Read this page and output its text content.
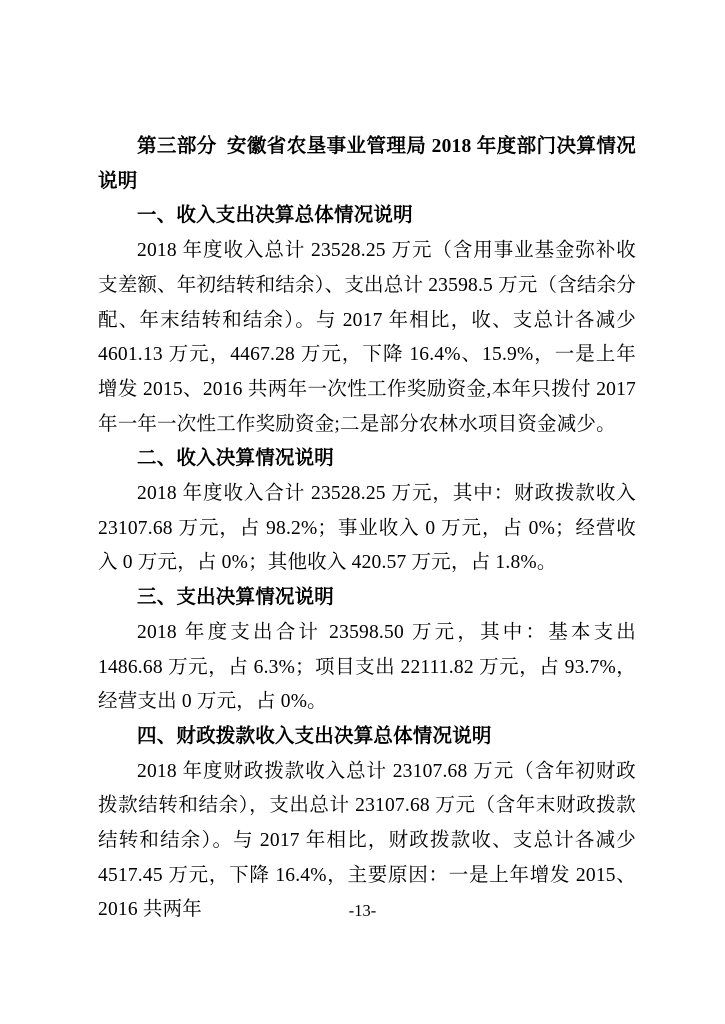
第三部分 安徽省农垦事业管理局 2018 年度部门决算情况说明

一、收入支出决算总体情况说明

2018 年度收入总计 23528.25 万元（含用事业基金弥补收支差额、年初结转和结余）、支出总计 23598.5 万元（含结余分配、年末结转和结余）。与 2017 年相比，收、支总计各减少 4601.13 万元，4467.28 万元，下降 16.4%、15.9%，一是上年增发 2015、2016 共两年一次性工作奖励资金,本年只拨付 2017 年一年一次性工作奖励资金;二是部分农林水项目资金减少。

二、收入决算情况说明

2018 年度收入合计 23528.25 万元，其中：财政拨款收入 23107.68 万元，占 98.2%；事业收入 0 万元，占 0%；经营收入 0 万元，占 0%；其他收入 420.57 万元，占 1.8%。

三、支出决算情况说明

2018 年度支出合计 23598.50 万元，其中：基本支出 1486.68 万元，占 6.3%；项目支出 22111.82 万元，占 93.7%，经营支出 0 万元，占 0%。

四、财政拨款收入支出决算总体情况说明

2018 年度财政拨款收入总计 23107.68 万元（含年初财政拨款结转和结余），支出总计 23107.68 万元（含年末财政拨款结转和结余）。与 2017 年相比，财政拨款收、支总计各减少 4517.45 万元，下降 16.4%，主要原因：一是上年增发 2015、2016 共两年	-13-
